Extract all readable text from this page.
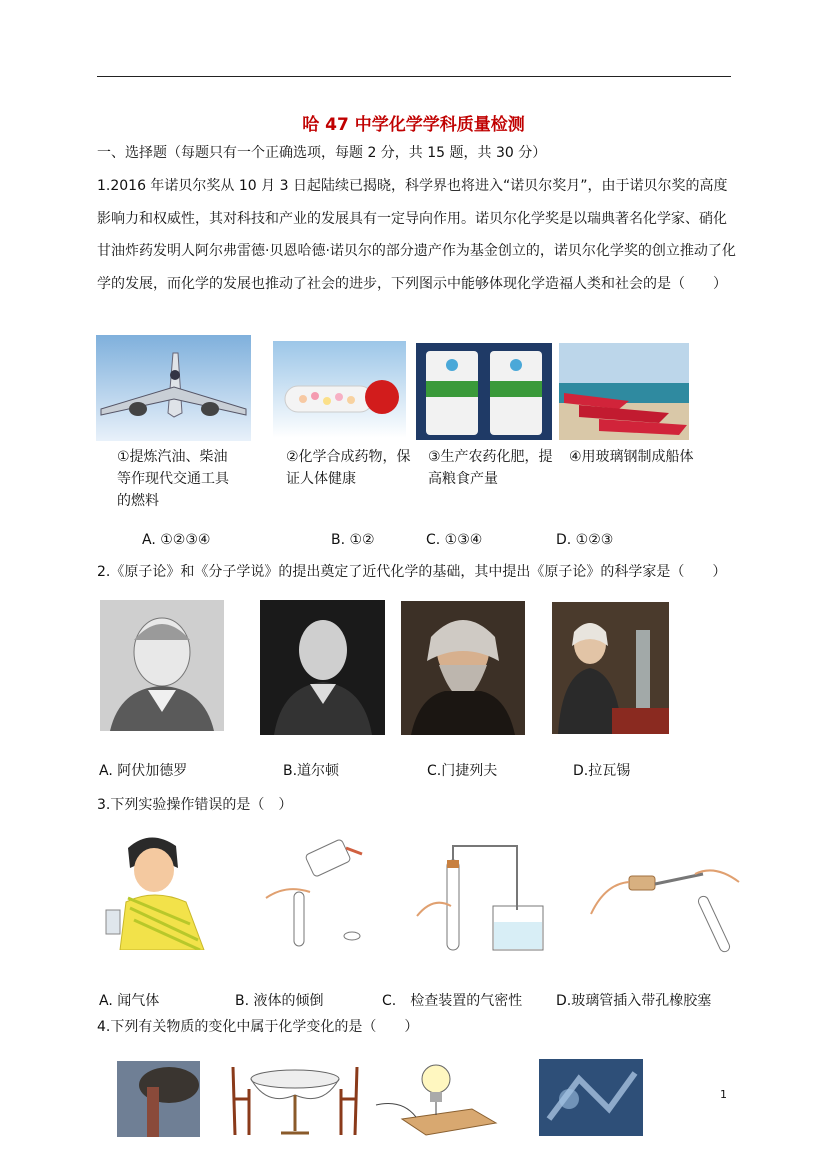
哈 47 中学化学学科质量检测
一、选择题（每题只有一个正确选项，每题 2 分，共 15 题，共 30 分）
1.2016 年诺贝尔奖从 10 月 3 日起陆续已揭晓，科学界也将进入“诺贝尔奖月”，由于诺贝尔奖的高度影响力和权威性，其对科技和产业的发展具有一定导向作用。诺贝尔化学奖是以瑞典著名化学家、硝化甘油炸药发明人阿尔弗雷德·贝恩哈德·诺贝尔的部分遗产作为基金创立的，诺贝尔化学奖的创立推动了化学的发展，而化学的发展也推动了社会的进步，下列图示中能够体现化学造福人类和社会的是（　　）
①提炼汽油、柴油等作现代交通工具的燃料
②化学合成药物，保证人体健康
③生产农药化肥，提高粮食产量
④用玻璃钢制成船体
A. ①②③④	B. ①②	C. ①③④	D. ①②③
2.《原子论》和《分子学说》的提出奠定了近代化学的基础，其中提出《原子论》的科学家是（　　）
A. 阿伏加德罗	B.道尔顿	C.门捷列夫	D.拉瓦锡
3.下列实验操作错误的是（　）
A. 闻气体	B. 液体的倾倒	C.　检查装置的气密性 D.玻璃管插入带孔橡胶塞
4.下列有关物质的变化中属于化学变化的是（　　）
1
